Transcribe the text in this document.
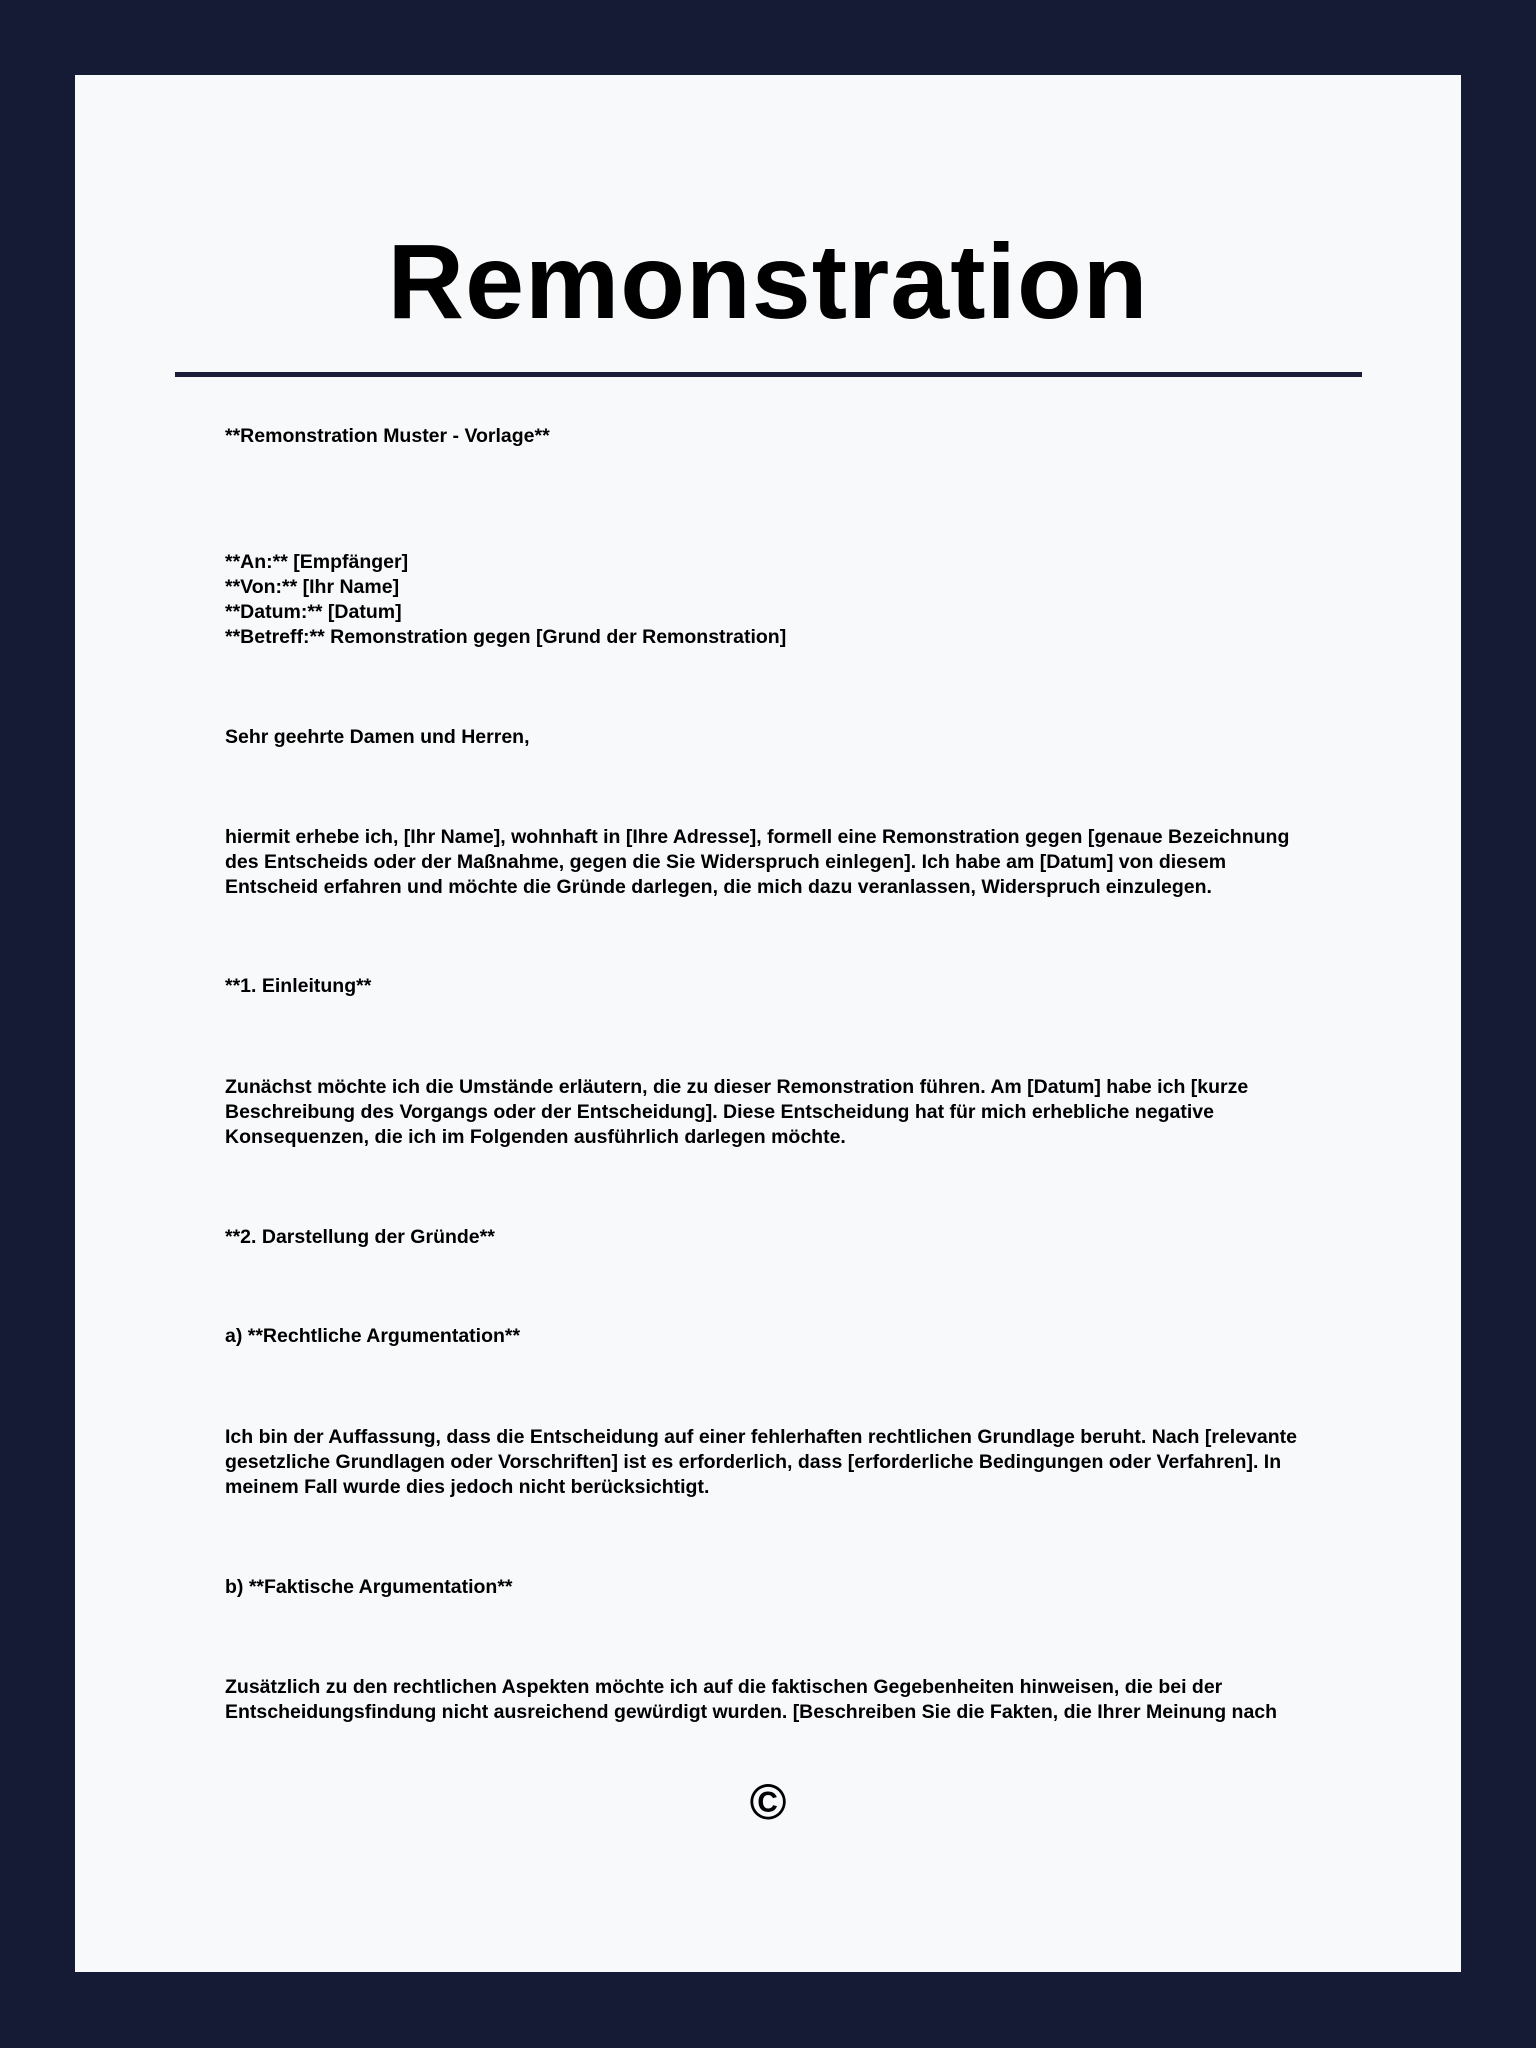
Remonstration
**Remonstration Muster - Vorlage**
**An:** [Empfänger]
**Von:** [Ihr Name]
**Datum:** [Datum]
**Betreff:** Remonstration gegen [Grund der Remonstration]
Sehr geehrte Damen und Herren,
hiermit erhebe ich, [Ihr Name], wohnhaft in [Ihre Adresse], formell eine Remonstration gegen [genaue Bezeichnung
des Entscheids oder der Maßnahme, gegen die Sie Widerspruch einlegen]. Ich habe am [Datum] von diesem
Entscheid erfahren und möchte die Gründe darlegen, die mich dazu veranlassen, Widerspruch einzulegen.
**1. Einleitung**
Zunächst möchte ich die Umstände erläutern, die zu dieser Remonstration führen. Am [Datum] habe ich [kurze
Beschreibung des Vorgangs oder der Entscheidung]. Diese Entscheidung hat für mich erhebliche negative
Konsequenzen, die ich im Folgenden ausführlich darlegen möchte.
**2. Darstellung der Gründe**
a) **Rechtliche Argumentation**
Ich bin der Auffassung, dass die Entscheidung auf einer fehlerhaften rechtlichen Grundlage beruht. Nach [relevante
gesetzliche Grundlagen oder Vorschriften] ist es erforderlich, dass [erforderliche Bedingungen oder Verfahren]. In
meinem Fall wurde dies jedoch nicht berücksichtigt.
b) **Faktische Argumentation**
Zusätzlich zu den rechtlichen Aspekten möchte ich auf die faktischen Gegebenheiten hinweisen, die bei der
Entscheidungsfindung nicht ausreichend gewürdigt wurden. [Beschreiben Sie die Fakten, die Ihrer Meinung nach
©
